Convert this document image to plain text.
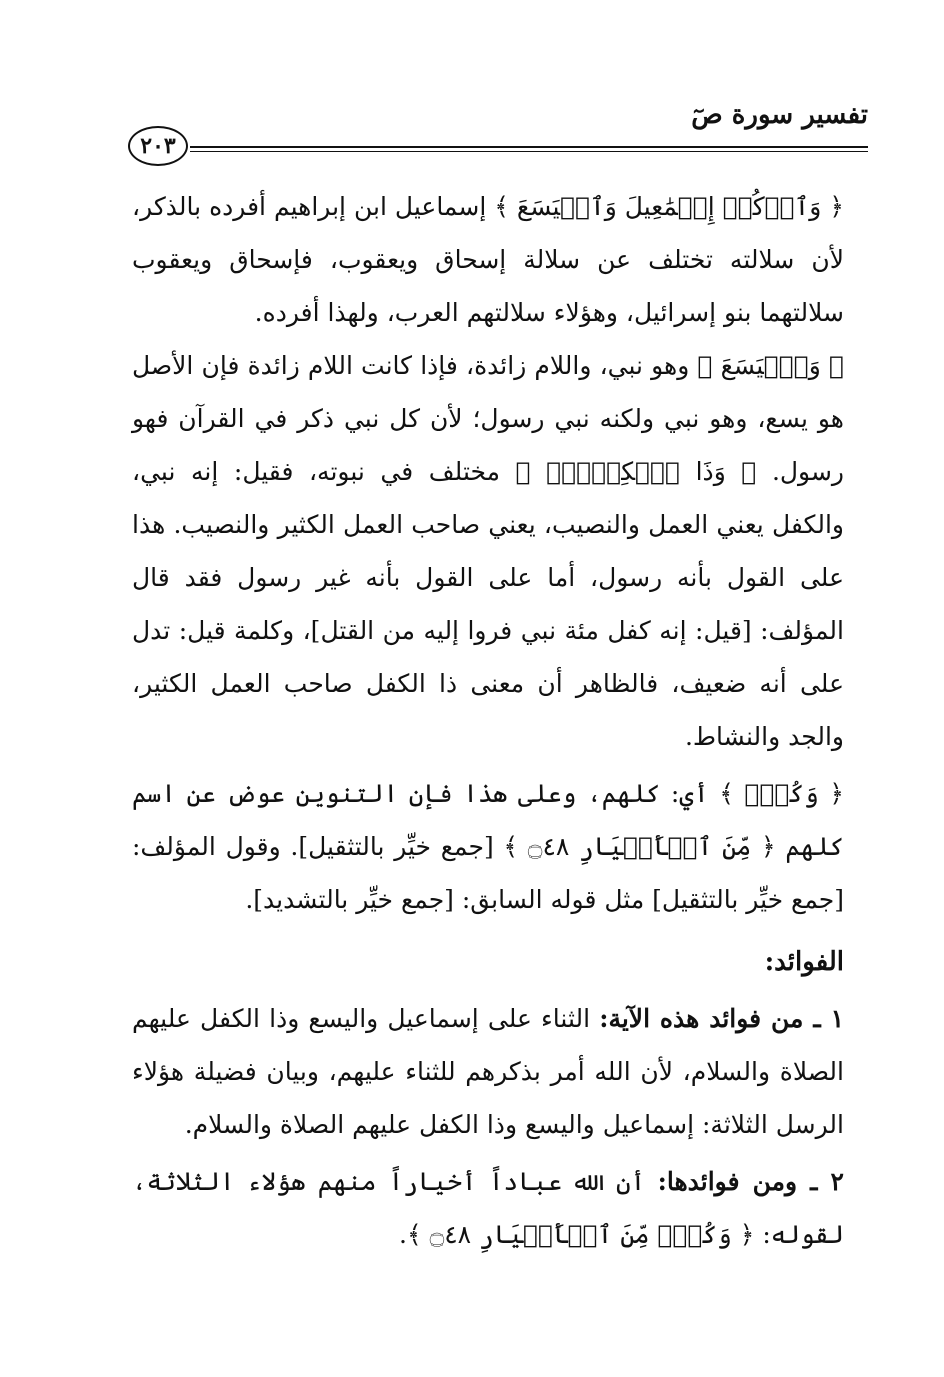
تفسير سورة صٓ
٢٠٣

﴿ وَٱذۡكُرۡ إِسۡمَٰعِيلَ وَٱلۡيَسَعَ ﴾ إسماعيل ابن إبراهيم أفرده بالذكر، لأن سلالته تختلف عن سلالة إسحاق ويعقوب، فإسحاق ويعقوب سلالتهما بنو إسرائيل، وهؤلاء سلالتهم العرب، ولهذا أفرده.

﴿ وَٱلۡيَسَعَ ﴾ وهو نبي، واللام زائدة، فإذا كانت اللام زائدة فإن الأصل هو يسع، وهو نبي ولكنه نبي رسول؛ لأن كل نبي ذكر في القرآن فهو رسول. ﴿ وَذَا ٱلۡكِفۡلِۖ ﴾ مختلف في نبوته، فقيل: إنه نبي، والكفل يعني العمل والنصيب، يعني صاحب العمل الكثير والنصيب. هذا على القول بأنه رسول، أما على القول بأنه غير رسول فقد قال المؤلف: [قيل: إنه كفل مئة نبي فروا إليه من القتل]، وكلمة قيل: تدل على أنه ضعيف، فالظاهر أن معنى ذا الكفل صاحب العمل الكثير، والجد والنشاط.

﴿ وَكُلࣱّ ﴾ أي: كلهم، وعلى هذا فإن التنوين عوض عن اسم كلهم ﴿ مِّنَ ٱلۡأَخۡيَارِ ۝٤٨ ﴾ [جمع خيِّر بالتثقيل]. وقول المؤلف: [جمع خيِّر بالتثقيل] مثل قوله السابق: [جمع خيِّر بالتشديد].

الفوائد:

١ ـ من فوائد هذه الآية: الثناء على إسماعيل واليسع وذا الكفل عليهم الصلاة والسلام، لأن الله أمر بذكرهم للثناء عليهم، وبيان فضيلة هؤلاء الرسل الثلاثة: إسماعيل واليسع وذا الكفل عليهم الصلاة والسلام.

٢ ـ ومن فوائدها: أن الله عباداً أخياراً منهم هؤلاء الثلاثة، لقوله: ﴿ وَكُلࣱّ مِّنَ ٱلۡأَخۡيَارِ ۝٤٨ ﴾.
